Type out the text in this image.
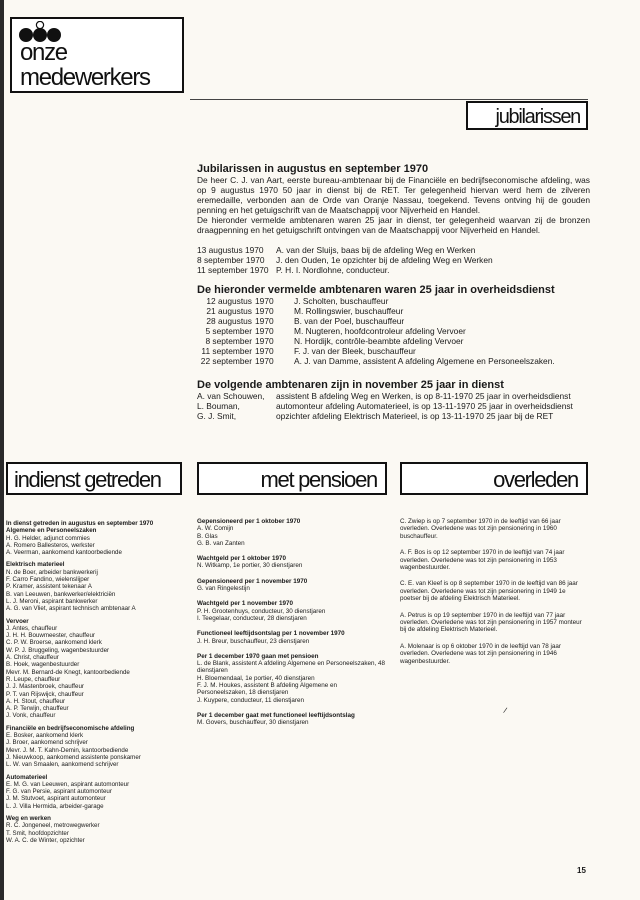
onze
medewerkers
jubilarissen

Jubilarissen in augustus en september 1970

De heer C. J. van Aart, eerste bureau-ambtenaar bij de Financiële en bedrijfseconomische afdeling, was op 9 augustus 1970 50 jaar in dienst bij de RET. Ter gelegenheid hiervan werd hem de zilveren eremedaille, verbonden aan de Orde van Oranje Nassau, toegekend. Tevens ontving hij de gouden penning en het getuigschrift van de Maatschappij voor Nijverheid en Handel.

De hieronder vermelde ambtenaren waren 25 jaar in dienst, ter gelegenheid waarvan zij de bronzen draagpenning en het getuigschrift ontvingen van de Maatschappij voor Nijverheid en Handel.

13 augustus 1970	A. van der Sluijs, baas bij de afdeling Weg en Werken
8 september 1970	J. den Ouden, 1e opzichter bij de afdeling Weg en Werken
11 september 1970 P. H. I. Nordlohne, conducteur.

De hieronder vermelde ambtenaren waren 25 jaar in overheidsdienst

12 augustus 1970	J. Scholten, buschauffeur
21 augustus 1970	M. Rollingswier, buschauffeur
28 augustus 1970	B. van der Poel, buschauffeur
5 september 1970	M. Nugteren, hoofdcontroleur afdeling Vervoer
8 september 1970	N. Hordijk, contrôle-beambte afdeling Vervoer
11 september 1970	F. J. van der Bleek, buschauffeur
22 september 1970	A. J. van Damme, assistent A afdeling Algemene en Personeelszaken.

De volgende ambtenaren zijn in november 25 jaar in dienst

A. van Schouwen,	assistent B afdeling Weg en Werken, is op 8-11-1970 25 jaar in overheidsdienst
L. Bouman,	automonteur afdeling Automaterieel, is op 13-11-1970 25 jaar in overheidsdienst
G. J. Smit,	opzichter afdeling Elektrisch Materieel, is op 13-11-1970 25 jaar bij de RET
indienst getreden	met pensioen	overleden
In dienst getreden in augustus en september 1970
Algemene en Personeelszaken
H. G. Helder, adjunct commies
A. Romero Ballesteros, werkster
A. Veerman, aankomend kantoorbediende
Elektrisch materieel
N. de Boer, arbeider bankwerkerij
F. Carro Fandino, wielenslijper
P. Kramer, assistent tekenaar A
B. van Leeuwen, bankwerker/elektriciën
L. J. Meroni, aspirant bankwerker
A. G. van Vliet, aspirant technisch ambtenaar A
Vervoer
J. Antes, chauffeur
J. H. H. Bouwmeester, chauffeur
C. P. W. Broerse, aankomend klerk
W. P. J. Bruggeling, wagenbestuurder
A. Christ, chauffeur
B. Hoek, wagenbestuurder
Mevr. M. Bernard-de Knegt, kantoorbediende
R. Leupe, chauffeur
J. J. Mastenbroek, chauffeur
P. T. van Rijswijck, chauffeur
A. H. Stout, chauffeur
A. P. Terwijn, chauffeur
J. Vonk, chauffeur
Financiële en bedrijfseconomische afdeling
E. Bosker, aankomend klerk
J. Broer, aankomend schrijver
Mevr. J. M. T. Kahn-Demin, kantoorbediende
J. Nieuwkoop, aankomend assistente ponskamer
L. W. van Smaalen, aankomend schrijver
Automaterieel
E. M. G. van Leeuwen, aspirant automonteur
F. G. van Persie, aspirant automonteur
J. M. Stutvoet, aspirant automonteur
L. J. Villa Hermida, arbeider-garage
Weg en werken
R. C. Jongeneel, metrowegwerker
T. Smit, hoofdopzichter
W. A. C. de Winter, opzichter
Gepensioneerd per 1 oktober 1970
A. W. Comijn
B. Glas
G. B. van Zanten
Wachtgeld per 1 oktober 1970
N. Witkamp, 1e portier, 30 dienstjaren
Gepensioneerd per 1 november 1970
G. van Ringelestijn
Wachtgeld per 1 november 1970
P. H. Grootenhuys, conducteur, 30 dienstjaren
I. Teegelaar, conducteur, 28 dienstjaren
Functioneel leeftijdsontslag per 1 november 1970
J. H. Breur, buschauffeur, 23 dienstjaren
Per 1 december 1970 gaan met pensioen
L. de Blank, assistent A afdeling Algemene en Personeelszaken, 48 dienstjaren
H. Bloemendaal, 1e portier, 40 dienstjaren
F. J. M. Houkes, assistent B afdeling Algemene en Personeelszaken, 18 dienstjaren
J. Kuypere, conducteur, 11 dienstjaren
Per 1 december gaat met functioneel leeftijdsontslag
M. Govers, buschauffeur, 30 dienstjaren
C. Zwiep is op 7 september 1970 in de leeftijd van 66 jaar overleden. Overledene was tot zijn pensionering in 1960 buschauffeur.
A. F. Bos is op 12 september 1970 in de leeftijd van 74 jaar overleden. Overledene was tot zijn pensionering in 1953 wagenbestuurder.
C. E. van Kleef is op 8 september 1970 in de leeftijd van 86 jaar overleden. Overledene was tot zijn pensionering in 1949 1e poetser bij de afdeling Elektrisch Materieel.
A. Petrus is op 19 september 1970 in de leeftijd van 77 jaar overleden. Overledene was tot zijn pensionering in 1957 monteur bij de afdeling Elektrisch Materieel.
A. Molenaar is op 6 oktober 1970 in de leeftijd van 78 jaar overleden. Overledene was tot zijn pensionering in 1946 wagenbestuurder.
/
15
